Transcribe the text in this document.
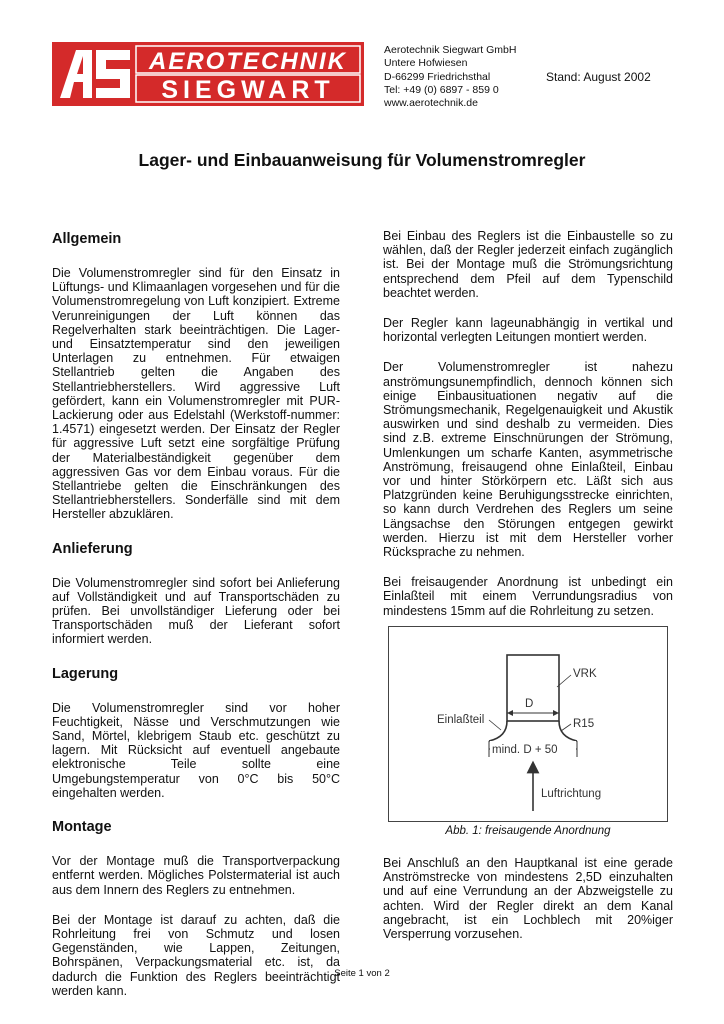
AEROTECHNIK
SIEGWART
Aerotechnik Siegwart GmbH
Untere Hofwiesen
D-66299 Friedrichsthal
Tel: +49 (0) 6897 - 859 0
www.aerotechnik.de
Stand: August 2002
Lager- und Einbauanweisung für Volumenstromregler
Allgemein

Die Volumenstromregler sind für den Einsatz in Lüftungs- und Klimaanlagen vorgesehen und für die Volumenstromregelung von Luft konzipiert. Extreme Verunreinigungen der Luft können das Regelverhalten stark beeinträchtigen. Die Lager- und Einsatztemperatur sind den jeweiligen Unterlagen zu entnehmen. Für etwaigen Stellantrieb gelten die Angaben des Stellantriebherstellers. Wird aggressive Luft gefördert, kann ein Volumenstromregler mit PUR-Lackierung oder aus Edelstahl (Werkstoff-nummer: 1.4571) eingesetzt werden. Der Einsatz der Regler für aggressive Luft setzt eine sorgfältige Prüfung der Materialbeständigkeit gegenüber dem aggressiven Gas vor dem Einbau voraus. Für die Stellantriebe gelten die Einschränkungen des Stellantriebherstellers. Sonderfälle sind mit dem Hersteller abzuklären.

Anlieferung

Die Volumenstromregler sind sofort bei Anlieferung auf Vollständigkeit und auf Transportschäden zu prüfen. Bei unvollständiger Lieferung oder bei Transportschäden muß der Lieferant sofort informiert werden.

Lagerung

Die Volumenstromregler sind vor hoher Feuchtigkeit, Nässe und Verschmutzungen wie Sand, Mörtel, klebrigem Staub etc. geschützt zu lagern. Mit Rücksicht auf eventuell angebaute elektronische Teile sollte eine Umgebungstemperatur von 0°C bis 50°C eingehalten werden.

Montage

Vor der Montage muß die Transportverpackung entfernt werden. Mögliches Polstermaterial ist auch aus dem Innern des Reglers zu entnehmen.

Bei der Montage ist darauf zu achten, daß die Rohrleitung frei von Schmutz und losen Gegenständen, wie Lappen, Zeitungen, Bohrspänen, Verpackungsmaterial etc. ist, da dadurch die Funktion des Reglers beeinträchtigt werden kann.

Bei Einbau des Reglers ist die Einbaustelle so zu wählen, daß der Regler jederzeit einfach zugänglich ist. Bei der Montage muß die Strömungsrichtung entsprechend dem Pfeil auf dem Typenschild beachtet werden.

Der Regler kann lageunabhängig in vertikal und horizontal verlegten Leitungen montiert werden.

Der Volumenstromregler ist nahezu anströmungsunempfindlich, dennoch können sich einige Einbausituationen negativ auf die Strömungsmechanik, Regelgenauigkeit und Akustik auswirken und sind deshalb zu vermeiden. Dies sind z.B. extreme Einschnürungen der Strömung, Umlenkungen um scharfe Kanten, asymmetrische Anströmung, freisaugend ohne Einlaßteil, Einbau vor und hinter Störkörpern etc. Läßt sich aus Platzgründen keine Beruhigungsstrecke einrichten, so kann durch Verdrehen des Reglers um seine Längsachse den Störungen entgegen gewirkt werden. Hierzu ist mit dem Hersteller vorher Rücksprache zu nehmen.

Bei freisaugender Anordnung ist unbedingt ein Einlaßteil mit einem Verrundungsradius von mindestens 15mm auf die Rohrleitung zu setzen.

D
mind. D + 50
VRK
Einlaßteil	R15
Luftrichtung
Abb. 1: freisaugende Anordnung

Bei Anschluß an den Hauptkanal ist eine gerade Anströmstrecke von mindestens 2,5D einzuhalten und auf eine Verrundung an der Abzweigstelle zu achten. Wird der Regler direkt an dem Kanal angebracht, ist ein Lochblech mit 20%iger Versperrung vorzusehen.

Seite 1 von 2
